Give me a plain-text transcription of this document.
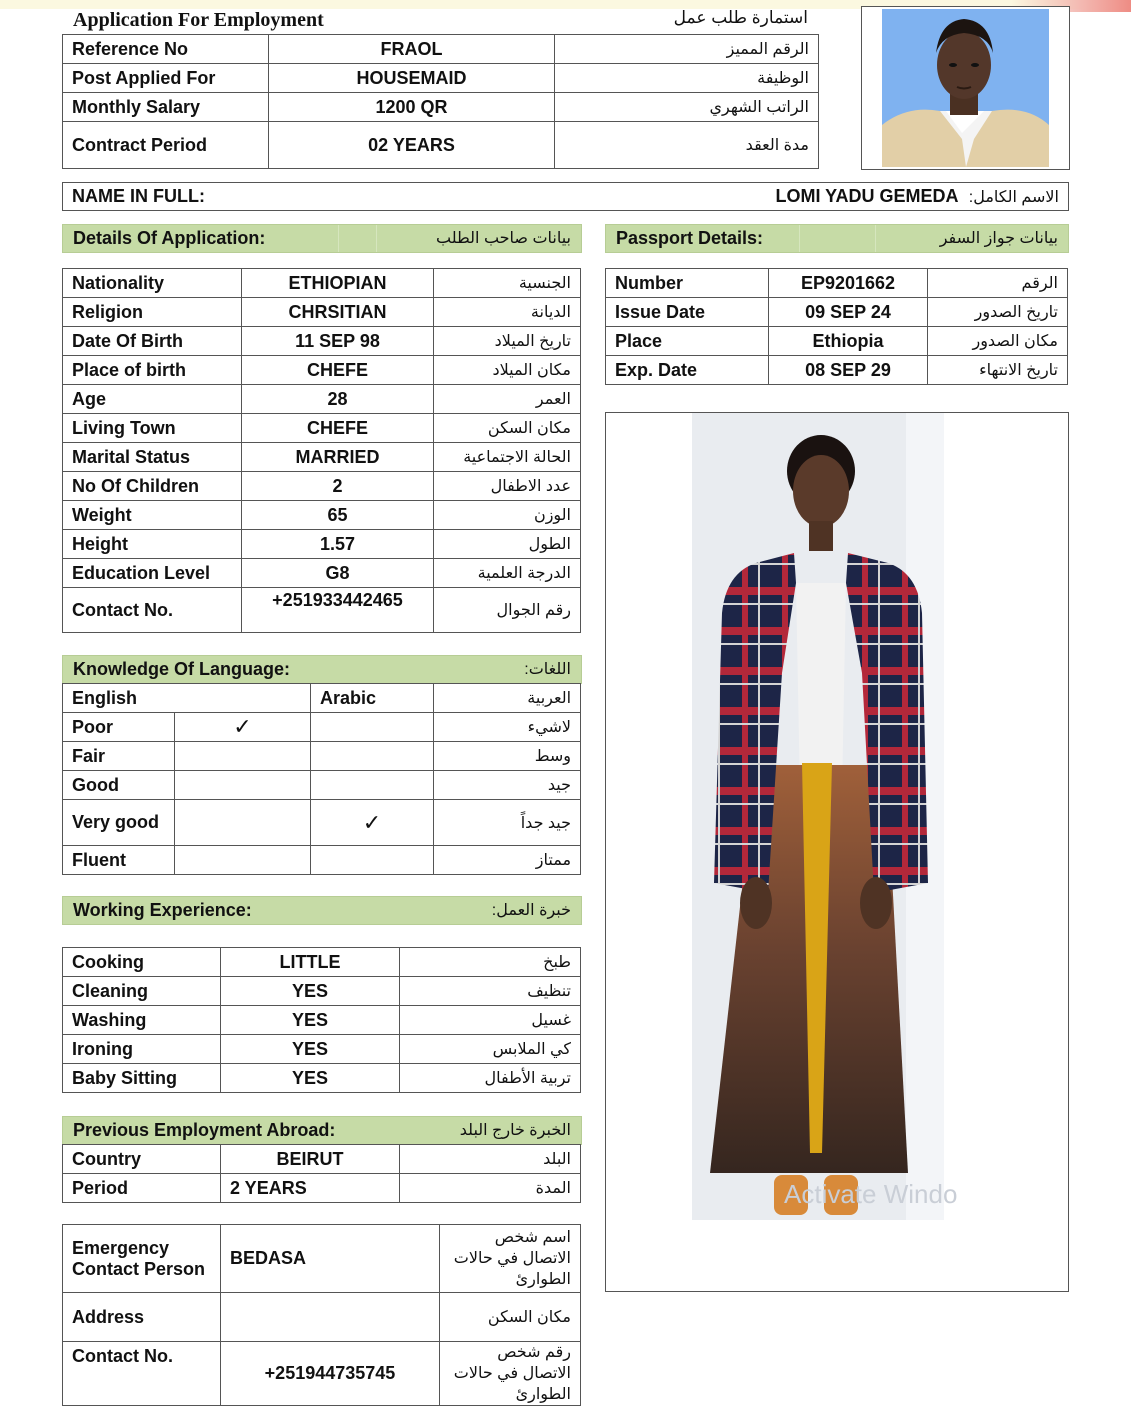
Application For Employment	استمارة طلب عمل
Reference No	FRAOL	الرقم المميز
Post Applied For	HOUSEMAID	الوظيفة
Monthly Salary	1200 QR	الراتب الشهري
Contract Period	02 YEARS	مدة العقد
NAME IN FULL:	LOMI YADU GEMEDA	الاسم الكامل:
Details Of Application:	بيانات صاحب الطلب	Passport Details:	بيانات جواز السفر
Nationality	ETHIOPIAN	الجنسية
Religion	CHRSITIAN	الديانة
Date Of Birth	11 SEP 98	تاريخ الميلاد
Place of birth	CHEFE	مكان الميلاد
Age	28	العمر
Living Town	CHEFE	مكان السكن
Marital Status	MARRIED	الحالة الاجتماعية
No Of Children	2	عدد الاطفال
Weight	65	الوزن
Height	1.57	الطول
Education Level	G8	الدرجة العلمية
Contact No.	+251933442465	رقم الجوال
Number	EP9201662	الرقم
Issue Date	09 SEP 24	تاريخ الصدور
Place	Ethiopia	مكان الصدور
Exp. Date	08 SEP 29	تاريخ الانتهاء
Activate Windo
Knowledge Of Language:	اللغات:
English		Arabic	العربية
Poor	✓		لاشيء
Fair			وسط
Good			جيد
Very good		✓	جيد جداً
Fluent			ممتاز
Working Experience:	خبرة العمل:
Cooking	LITTLE	طبخ
Cleaning	YES	تنظيف
Washing	YES	غسيل
Ironing	YES	كي الملابس
Baby Sitting	YES	تربية الأطفال
Previous Employment Abroad:	الخبرة خارج البلد
Country	BEIRUT	البلد
Period	2 YEARS	المدة
Emergency Contact Person	BEDASA	اسم شخص الاتصال في حالات الطوارئ
Address		مكان السكن
Contact No.	+251944735745	رقم شخص الاتصال في حالات الطوارئ
